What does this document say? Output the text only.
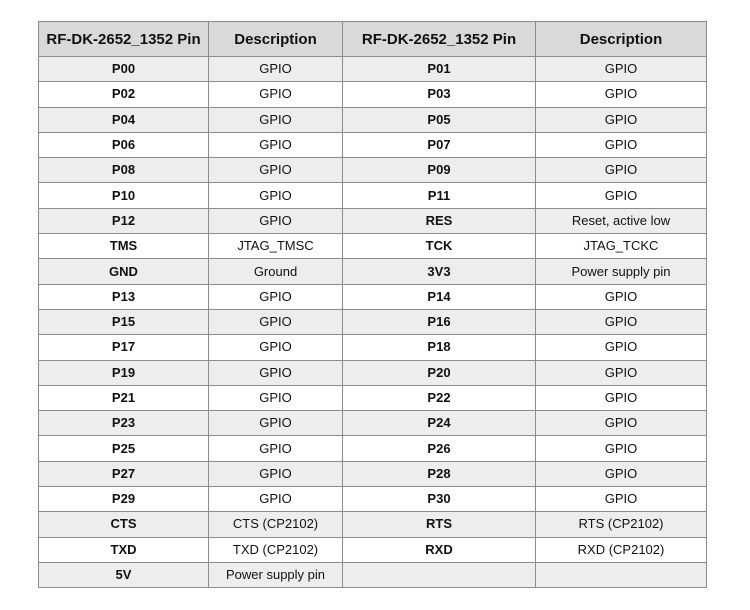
RF-DK-2652_1352 Pin	Description	RF-DK-2652_1352 Pin	Description
P00	GPIO	P01	GPIO
P02	GPIO	P03	GPIO
P04	GPIO	P05	GPIO
P06	GPIO	P07	GPIO
P08	GPIO	P09	GPIO
P10	GPIO	P11	GPIO
P12	GPIO	RES	Reset, active low
TMS	JTAG_TMSC	TCK	JTAG_TCKC
GND	Ground	3V3	Power supply pin
P13	GPIO	P14	GPIO
P15	GPIO	P16	GPIO
P17	GPIO	P18	GPIO
P19	GPIO	P20	GPIO
P21	GPIO	P22	GPIO
P23	GPIO	P24	GPIO
P25	GPIO	P26	GPIO
P27	GPIO	P28	GPIO
P29	GPIO	P30	GPIO
CTS	CTS (CP2102)	RTS	RTS (CP2102)
TXD	TXD (CP2102)	RXD	RXD (CP2102)
5V	Power supply pin		
